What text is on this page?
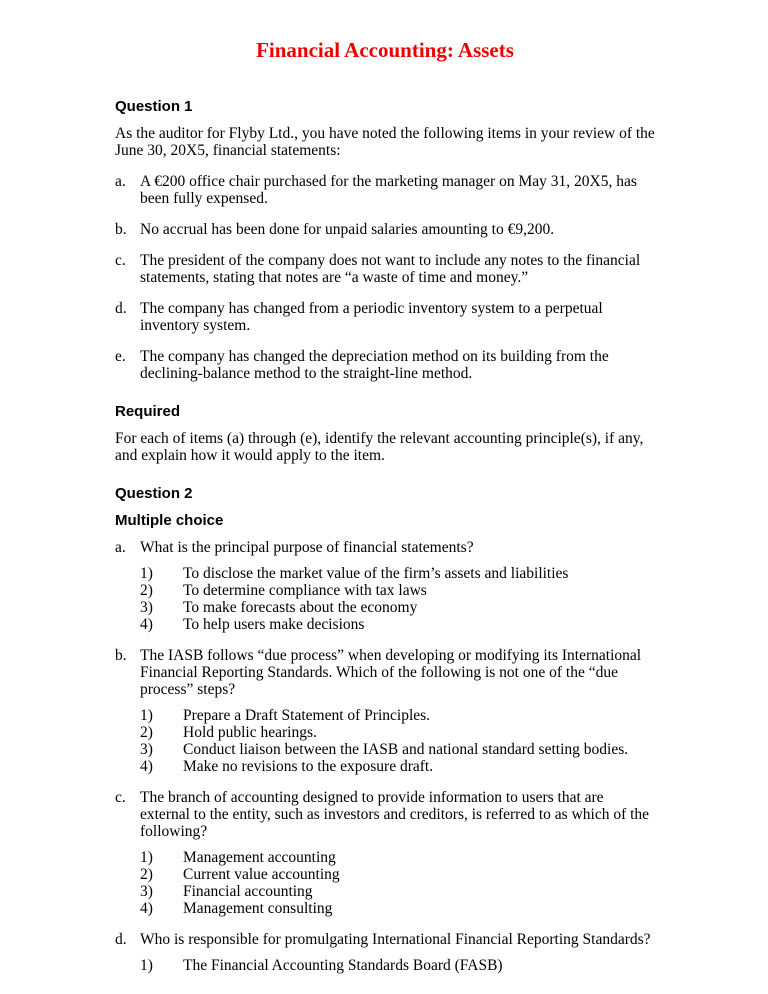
Financial Accounting: Assets
Question 1

As the auditor for Flyby Ltd., you have noted the following items in your review of the June 30, 20X5, financial statements:

a. A €200 office chair purchased for the marketing manager on May 31, 20X5, has been fully expensed.
b. No accrual has been done for unpaid salaries amounting to €9,200.
c. The president of the company does not want to include any notes to the financial statements, stating that notes are “a waste of time and money.”
d. The company has changed from a periodic inventory system to a perpetual inventory system.
e. The company has changed the depreciation method on its building from the declining-balance method to the straight-line method.
Required

For each of items (a) through (e), identify the relevant accounting principle(s), if any, and explain how it would apply to the item.

Question 2
Multiple choice
a. What is the principal purpose of financial statements?
1)	To disclose the market value of the firm’s assets and liabilities
2)	To determine compliance with tax laws
3)	To make forecasts about the economy
4)	To help users make decisions
b. The IASB follows “due process” when developing or modifying its International Financial Reporting Standards. Which of the following is not one of the “due process” steps?
1)	Prepare a Draft Statement of Principles.
2)	Hold public hearings.
3)	Conduct liaison between the IASB and national standard setting bodies.
4)	Make no revisions to the exposure draft.
c. The branch of accounting designed to provide information to users that are external to the entity, such as investors and creditors, is referred to as which of the following?
1)	Management accounting
2)	Current value accounting
3)	Financial accounting
4)	Management consulting
d. Who is responsible for promulgating International Financial Reporting Standards?
1)	The Financial Accounting Standards Board (FASB)
